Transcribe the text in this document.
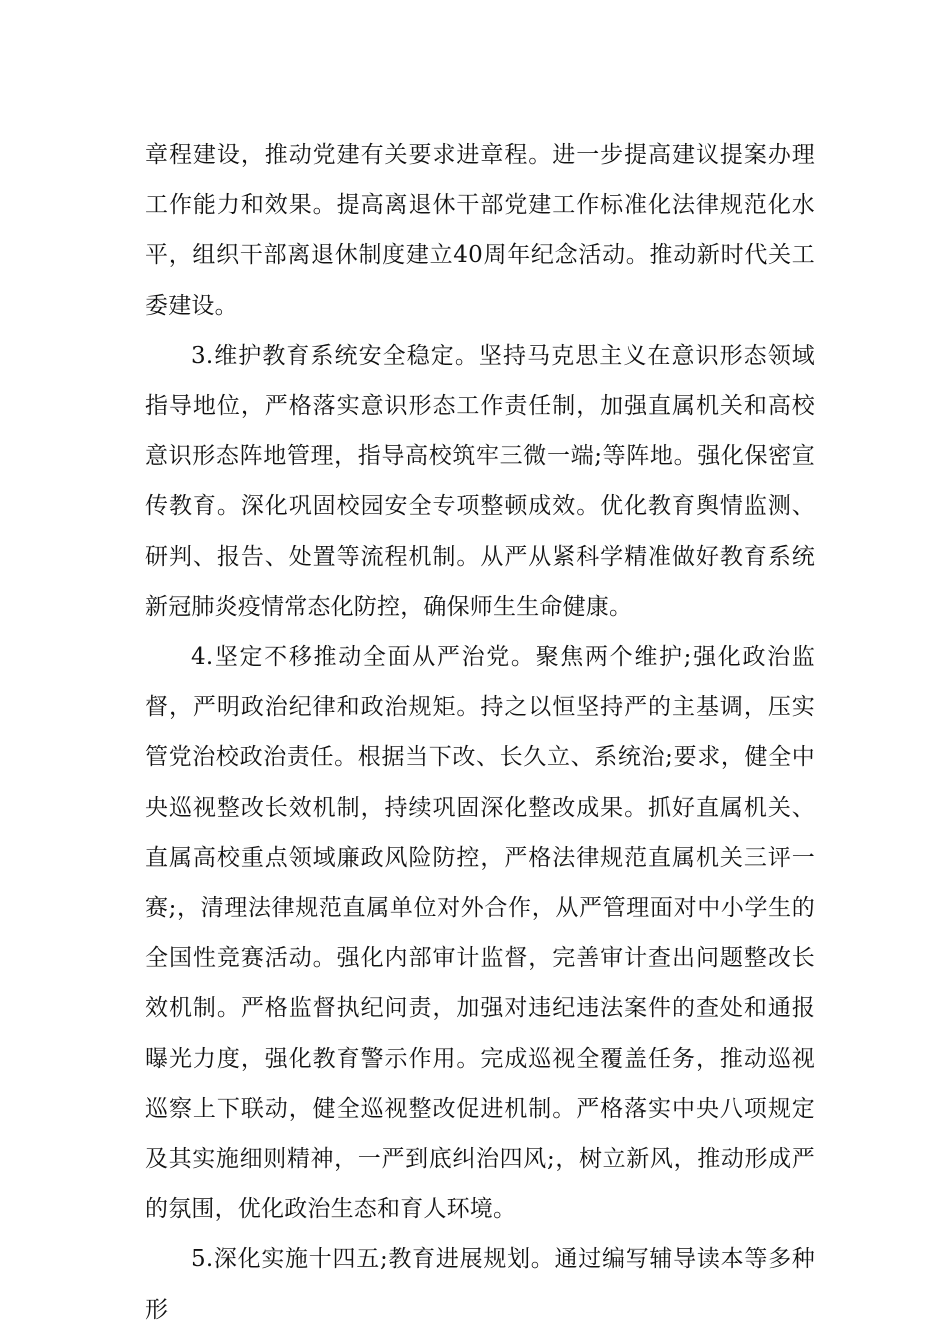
章程建设，推动党建有关要求进章程。进一步提高建议提案办理工作能力和效果。提高离退休干部党建工作标准化法律规范化水平，组织干部离退休制度建立40周年纪念活动。推动新时代关工委建设。

3.维护教育系统安全稳定。坚持马克思主义在意识形态领域指导地位，严格落实意识形态工作责任制，加强直属机关和高校意识形态阵地管理，指导高校筑牢三微一端;等阵地。强化保密宣传教育。深化巩固校园安全专项整顿成效。优化教育舆情监测、研判、报告、处置等流程机制。从严从紧科学精准做好教育系统新冠肺炎疫情常态化防控，确保师生生命健康。

4.坚定不移推动全面从严治党。聚焦两个维护;强化政治监督，严明政治纪律和政治规矩。持之以恒坚持严的主基调，压实管党治校政治责任。根据当下改、长久立、系统治;要求，健全中央巡视整改长效机制，持续巩固深化整改成果。抓好直属机关、直属高校重点领域廉政风险防控，严格法律规范直属机关三评一赛;，清理法律规范直属单位对外合作，从严管理面对中小学生的全国性竞赛活动。强化内部审计监督，完善审计查出问题整改长效机制。严格监督执纪问责，加强对违纪违法案件的查处和通报曝光力度，强化教育警示作用。完成巡视全覆盖任务，推动巡视巡察上下联动，健全巡视整改促进机制。严格落实中央八项规定及其实施细则精神，一严到底纠治四风;，树立新风，推动形成严的氛围，优化政治生态和育人环境。

5.深化实施十四五;教育进展规划。通过编写辅导读本等多种形
